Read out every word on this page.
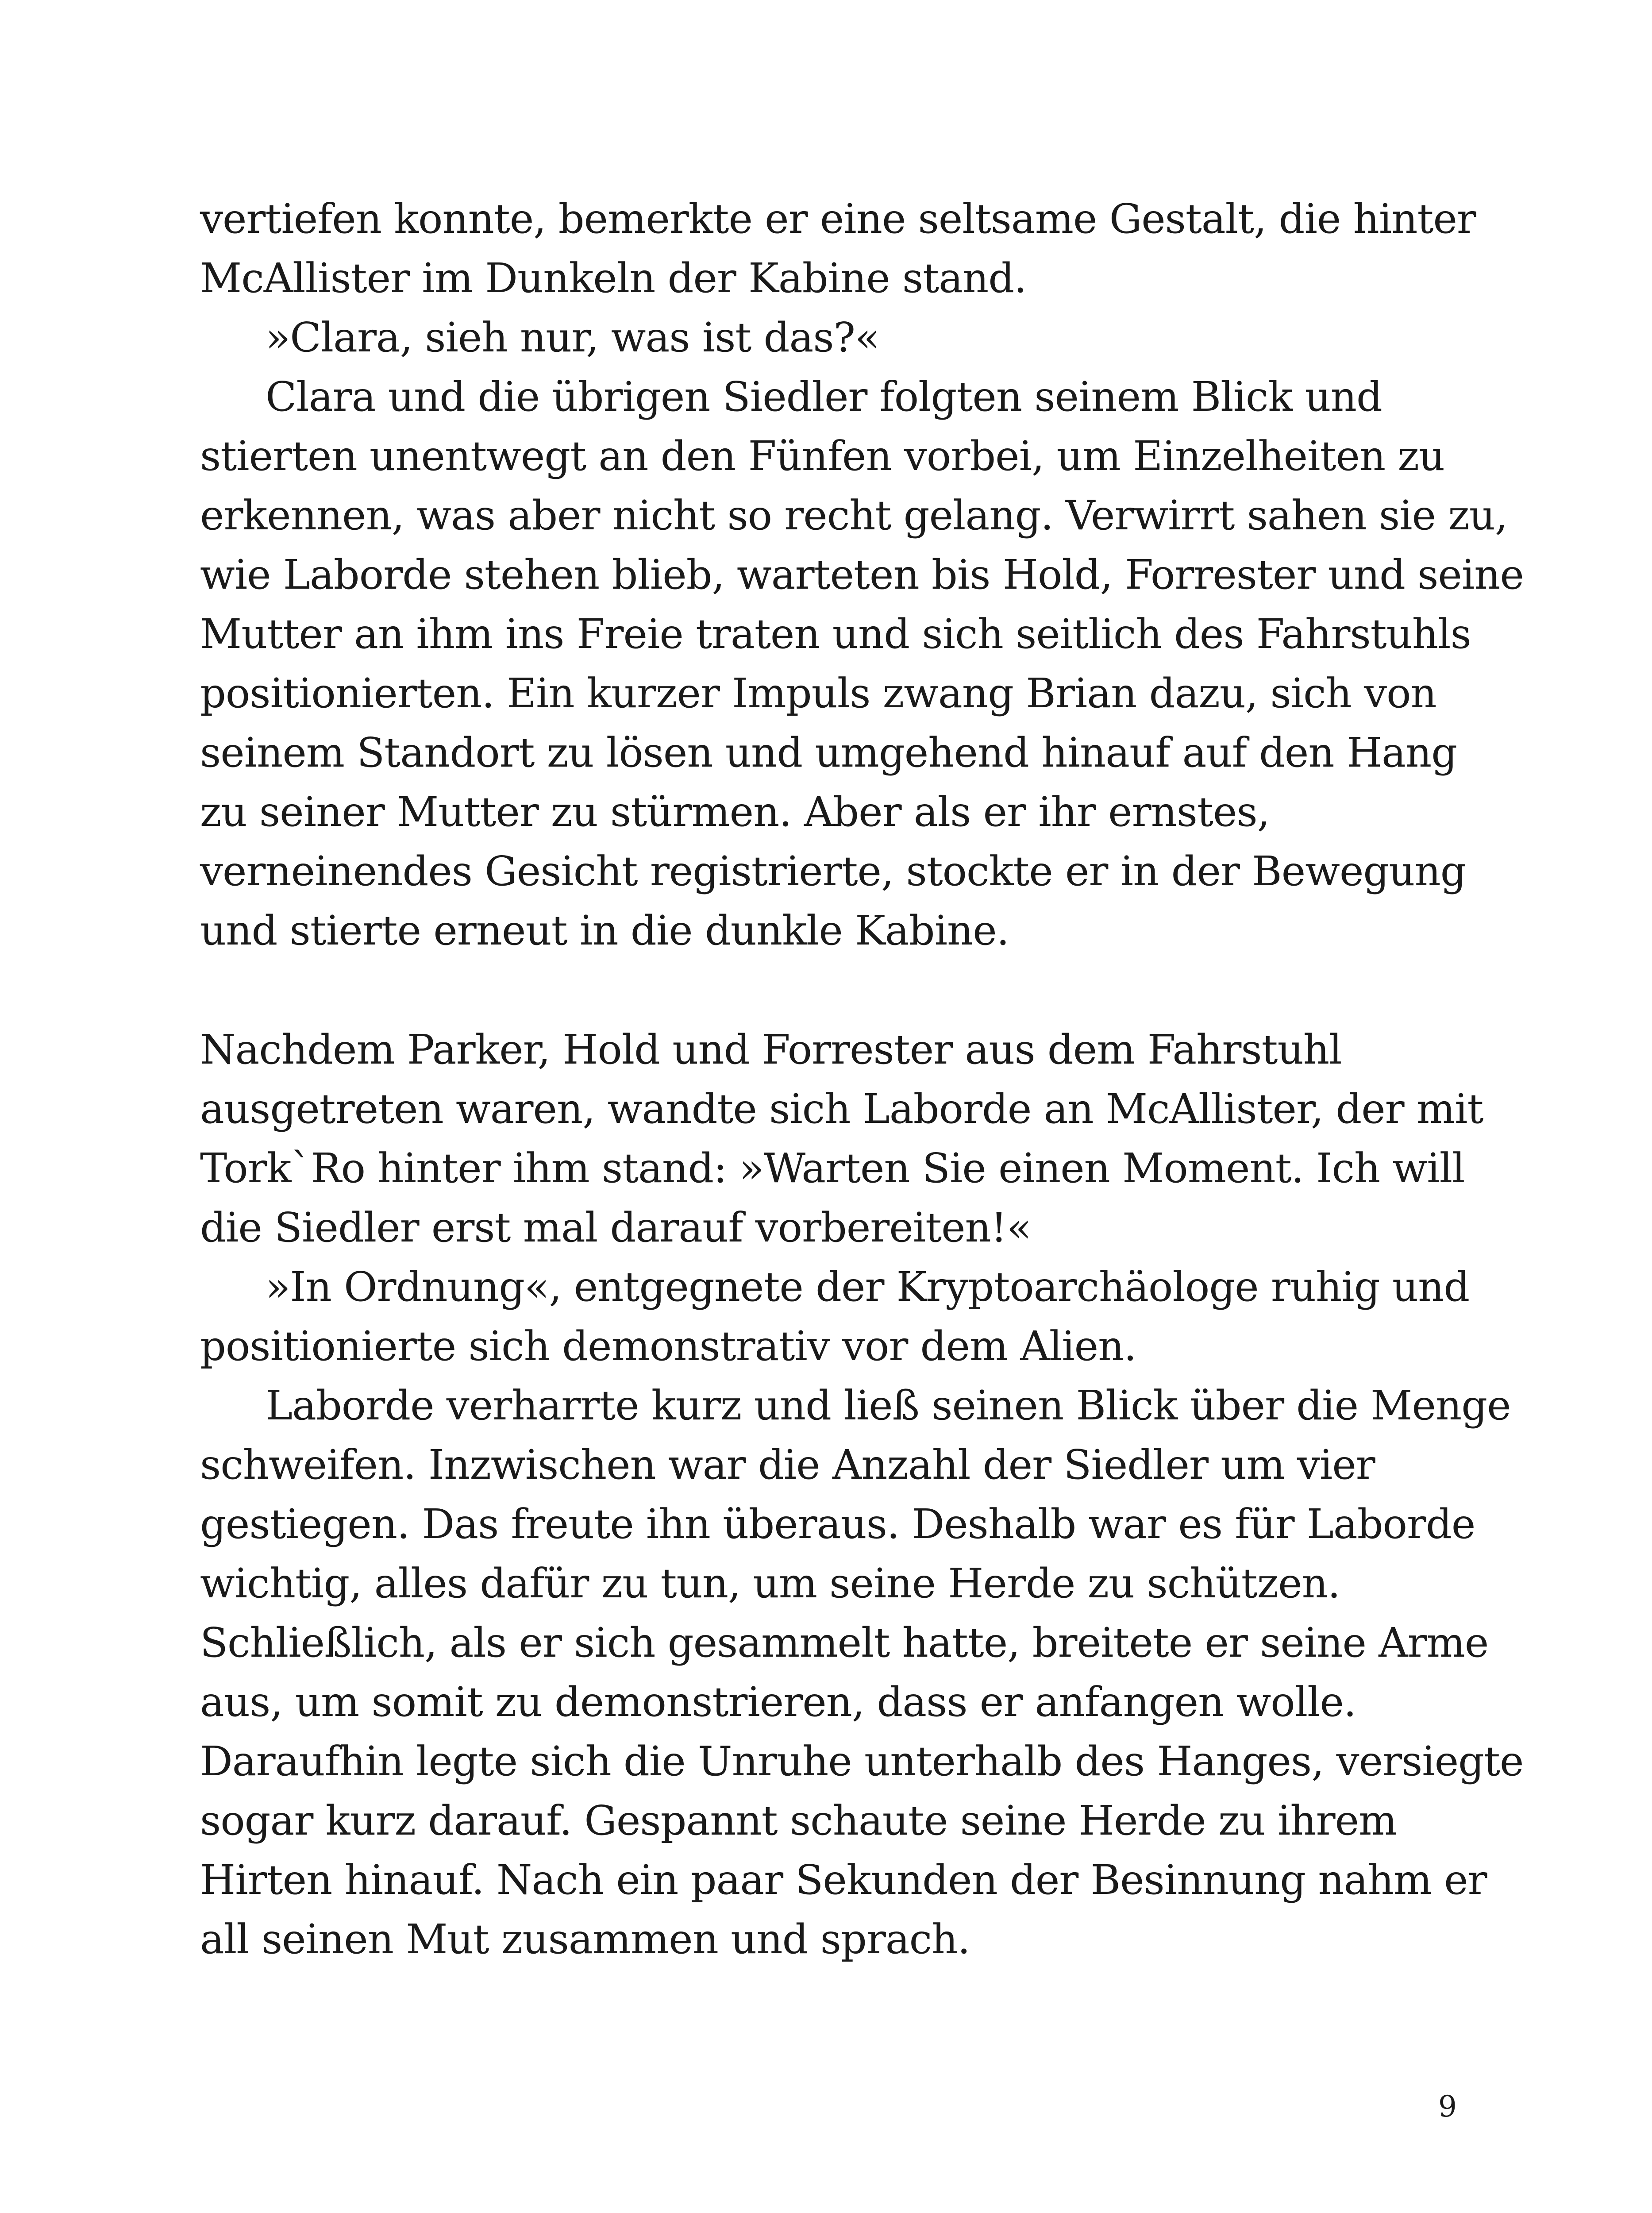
vertiefen konnte, bemerkte er eine seltsame Gestalt, die hinter
McAllister im Dunkeln der Kabine stand.
»Clara, sieh nur, was ist das?«
Clara und die übrigen Siedler folgten seinem Blick und
stierten unentwegt an den Fünfen vorbei, um Einzelheiten zu
erkennen, was aber nicht so recht gelang. Verwirrt sahen sie zu,
wie Laborde stehen blieb, warteten bis Hold, Forrester und seine
Mutter an ihm ins Freie traten und sich seitlich des Fahrstuhls
positionierten. Ein kurzer Impuls zwang Brian dazu, sich von
seinem Standort zu lösen und umgehend hinauf auf den Hang
zu seiner Mutter zu stürmen. Aber als er ihr ernstes,
verneinendes Gesicht registrierte, stockte er in der Bewegung
und stierte erneut in die dunkle Kabine.
Nachdem Parker, Hold und Forrester aus dem Fahrstuhl
ausgetreten waren, wandte sich Laborde an McAllister, der mit
Tork`Ro hinter ihm stand: »Warten Sie einen Moment. Ich will
die Siedler erst mal darauf vorbereiten!«
»In Ordnung«, entgegnete der Kryptoarchäologe ruhig und
positionierte sich demonstrativ vor dem Alien.
Laborde verharrte kurz und ließ seinen Blick über die Menge
schweifen. Inzwischen war die Anzahl der Siedler um vier
gestiegen. Das freute ihn überaus. Deshalb war es für Laborde
wichtig, alles dafür zu tun, um seine Herde zu schützen.
Schließlich, als er sich gesammelt hatte, breitete er seine Arme
aus, um somit zu demonstrieren, dass er anfangen wolle.
Daraufhin legte sich die Unruhe unterhalb des Hanges, versiegte
sogar kurz darauf. Gespannt schaute seine Herde zu ihrem
Hirten hinauf. Nach ein paar Sekunden der Besinnung nahm er
all seinen Mut zusammen und sprach.
9
